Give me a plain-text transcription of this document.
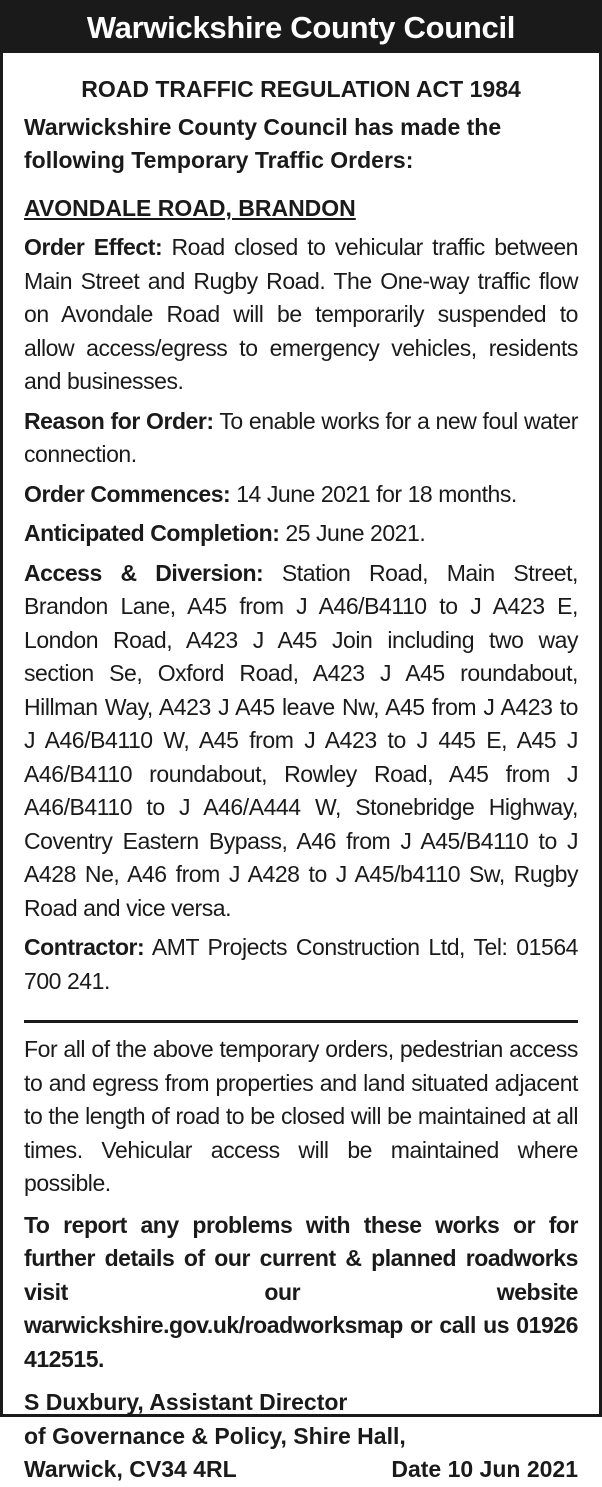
Warwickshire County Council

ROAD TRAFFIC REGULATION ACT 1984

Warwickshire County Council has made the following Temporary Traffic Orders:

AVONDALE ROAD, BRANDON

Order Effect: Road closed to vehicular traffic between Main Street and Rugby Road. The One-way traffic flow on Avondale Road will be temporarily suspended to allow access/egress to emergency vehicles, residents and businesses.

Reason for Order: To enable works for a new foul water connection.

Order Commences: 14 June 2021 for 18 months.

Anticipated Completion: 25 June 2021.

Access & Diversion: Station Road, Main Street, Brandon Lane, A45 from J A46/B4110 to J A423 E, London Road, A423 J A45 Join including two way section Se, Oxford Road, A423 J A45 roundabout, Hillman Way, A423 J A45 leave Nw, A45 from J A423 to J A46/B4110 W, A45 from J A423 to J 445 E, A45 J A46/B4110 roundabout, Rowley Road, A45 from J A46/B4110 to J A46/A444 W, Stonebridge Highway, Coventry Eastern Bypass, A46 from J A45/B4110 to J A428 Ne, A46 from J A428 to J A45/b4110 Sw, Rugby Road and vice versa.

Contractor: AMT Projects Construction Ltd, Tel: 01564 700 241.

For all of the above temporary orders, pedestrian access to and egress from properties and land situated adjacent to the length of road to be closed will be maintained at all times. Vehicular access will be maintained where possible.

To report any problems with these works or for further details of our current & planned roadworks visit our website warwickshire.gov.uk/roadworksmap or call us 01926 412515.

S Duxbury, Assistant Director
of Governance & Policy, Shire Hall,
Warwick, CV34 4RL	Date 10 Jun 2021
